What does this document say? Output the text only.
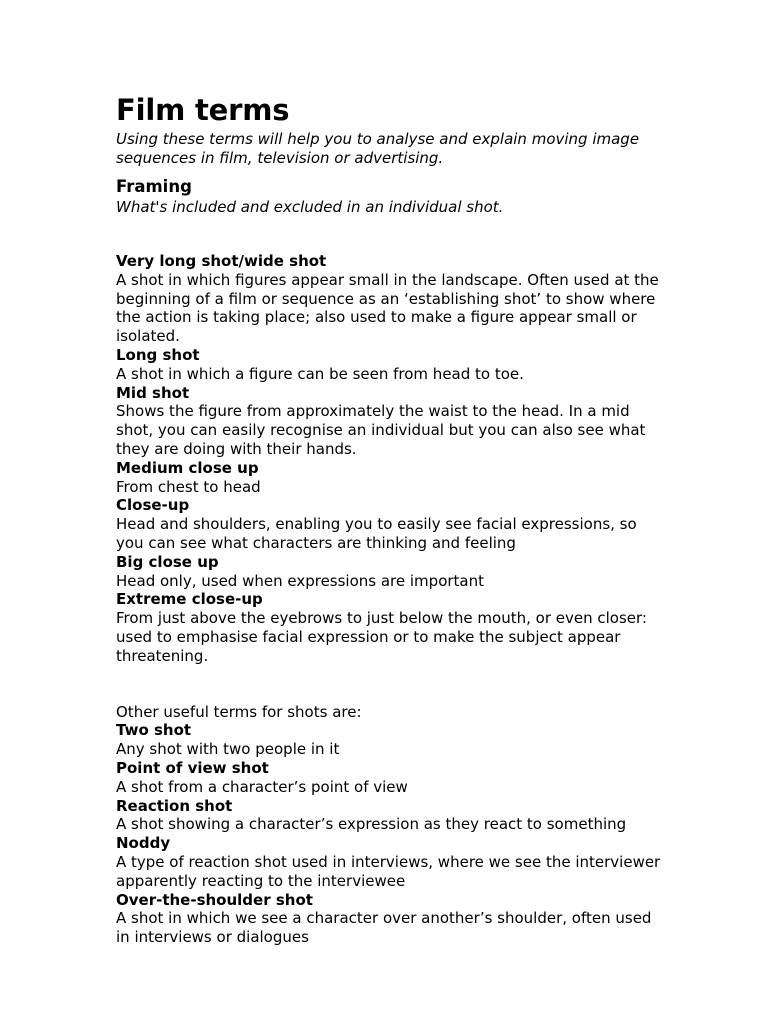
Film terms

Using these terms will help you to analyse and explain moving image sequences in film, television or advertising.

Framing

What's included and excluded in an individual shot.

Very long shot/wide shot
A shot in which figures appear small in the landscape. Often used at the beginning of a film or sequence as an ‘establishing shot’ to show where the action is taking place; also used to make a figure appear small or isolated.
Long shot
A shot in which a figure can be seen from head to toe.
Mid shot
Shows the figure from approximately the waist to the head. In a mid shot, you can easily recognise an individual but you can also see what they are doing with their hands.
Medium close up
From chest to head
Close-up
Head and shoulders, enabling you to easily see facial expressions, so you can see what characters are thinking and feeling
Big close up
Head only, used when expressions are important
Extreme close-up
From just above the eyebrows to just below the mouth, or even closer: used to emphasise facial expression or to make the subject appear threatening.

Other useful terms for shots are:

Two shot
Any shot with two people in it
Point of view shot
A shot from a character’s point of view
Reaction shot
A shot showing a character’s expression as they react to something
Noddy
A type of reaction shot used in interviews, where we see the interviewer apparently reacting to the interviewee
Over-the-shoulder shot
A shot in which we see a character over another’s shoulder, often used in interviews or dialogues
